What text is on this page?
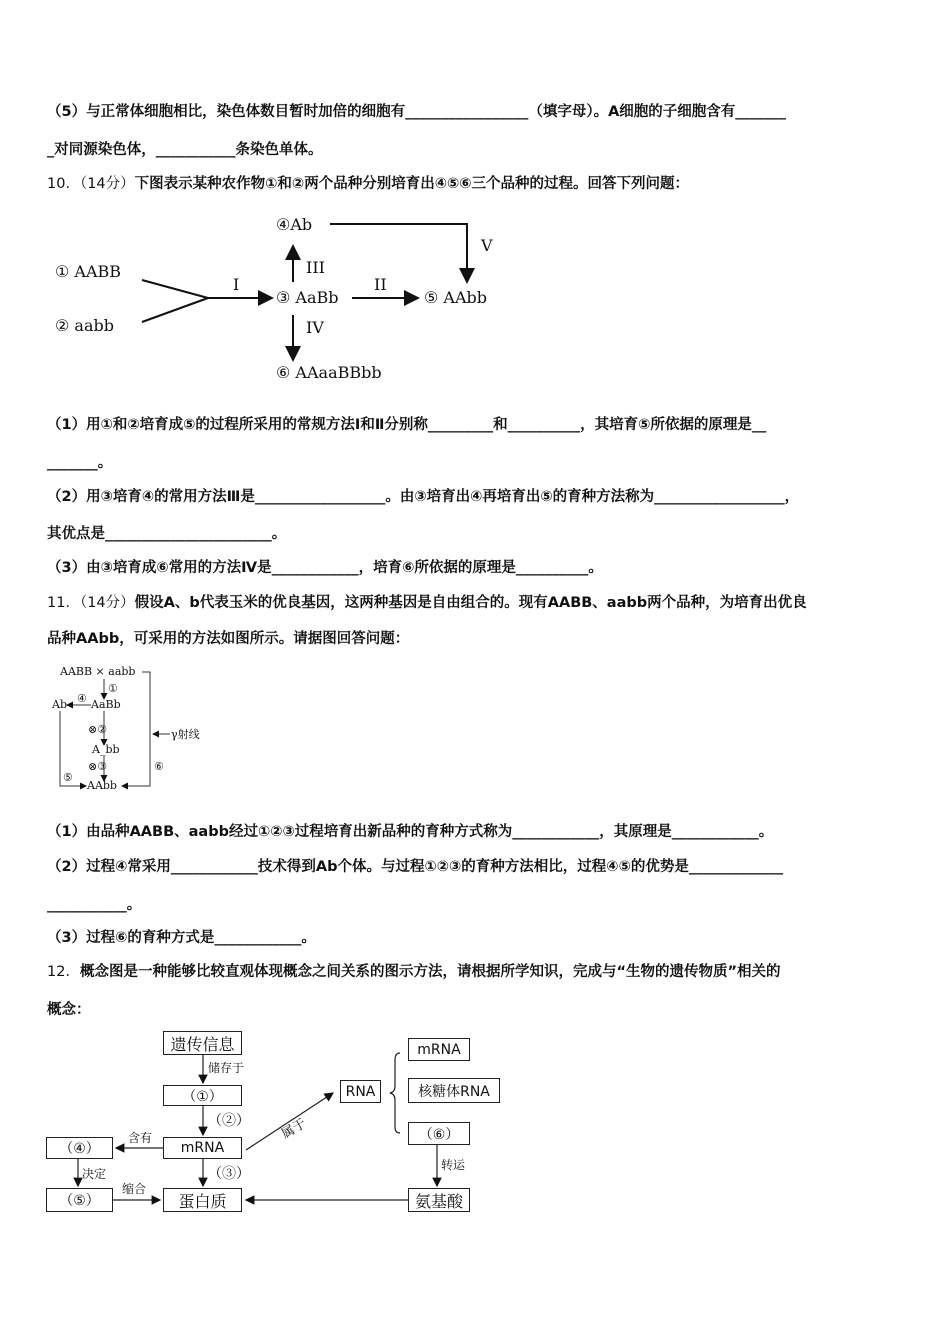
（5）与正常体细胞相比，染色体数目暂时加倍的细胞有_________________（填字母）。A细胞的子细胞含有_______
_对同源染色体，___________条染色单体。
10．（14分）下图表示某种农作物①和②两个品种分别培育出④⑤⑥三个品种的过程。回答下列问题：
① AABB
② aabb
③ AaBb
④Ab
⑤ AAbb
⑥ AAaaBBbb
I	II
III
IV
V
（1）用①和②培育成⑤的过程所采用的常规方法Ⅰ和Ⅱ分别称_________和__________，其培育⑤所依据的原理是__
_______。
（2）用③培育④的常用方法Ⅲ是__________________。由③培育出④再培育出⑤的育种方法称为__________________，
其优点是_______________________。
（3）由③培育成⑥常用的方法Ⅳ是____________，培育⑥所依据的原理是__________。
11．（14分）假设A、b代表玉米的优良基因，这两种基因是自由组合的。现有AABB、aabb两个品种，为培育出优良
品种AAbb，可采用的方法如图所示。请据图回答问题：
AABB × aabb
①
AaBb
④
Ab
⊗②
A_bb
⊗③
AAbb
⑤
⑥
γ射线
（1）由品种AABB、aabb经过①②③过程培育出新品种的育种方式称为____________，其原理是____________。
（2）过程④常采用____________技术得到Ab个体。与过程①②③的育种方法相比，过程④⑤的优势是_____________
___________。
（3）过程⑥的育种方式是____________。
12．概念图是一种能够比较直观体现概念之间关系的图示方法，请根据所学知识，完成与“生物的遗传物质”相关的
概念：
遗传信息
（①）
mRNA
蛋白质
（④）
（⑤）
RNA
mRNA
核糖体RNA
（⑥）
氨基酸
储存于
（②）
（③）
含有
决定
缩合
属于
转运
